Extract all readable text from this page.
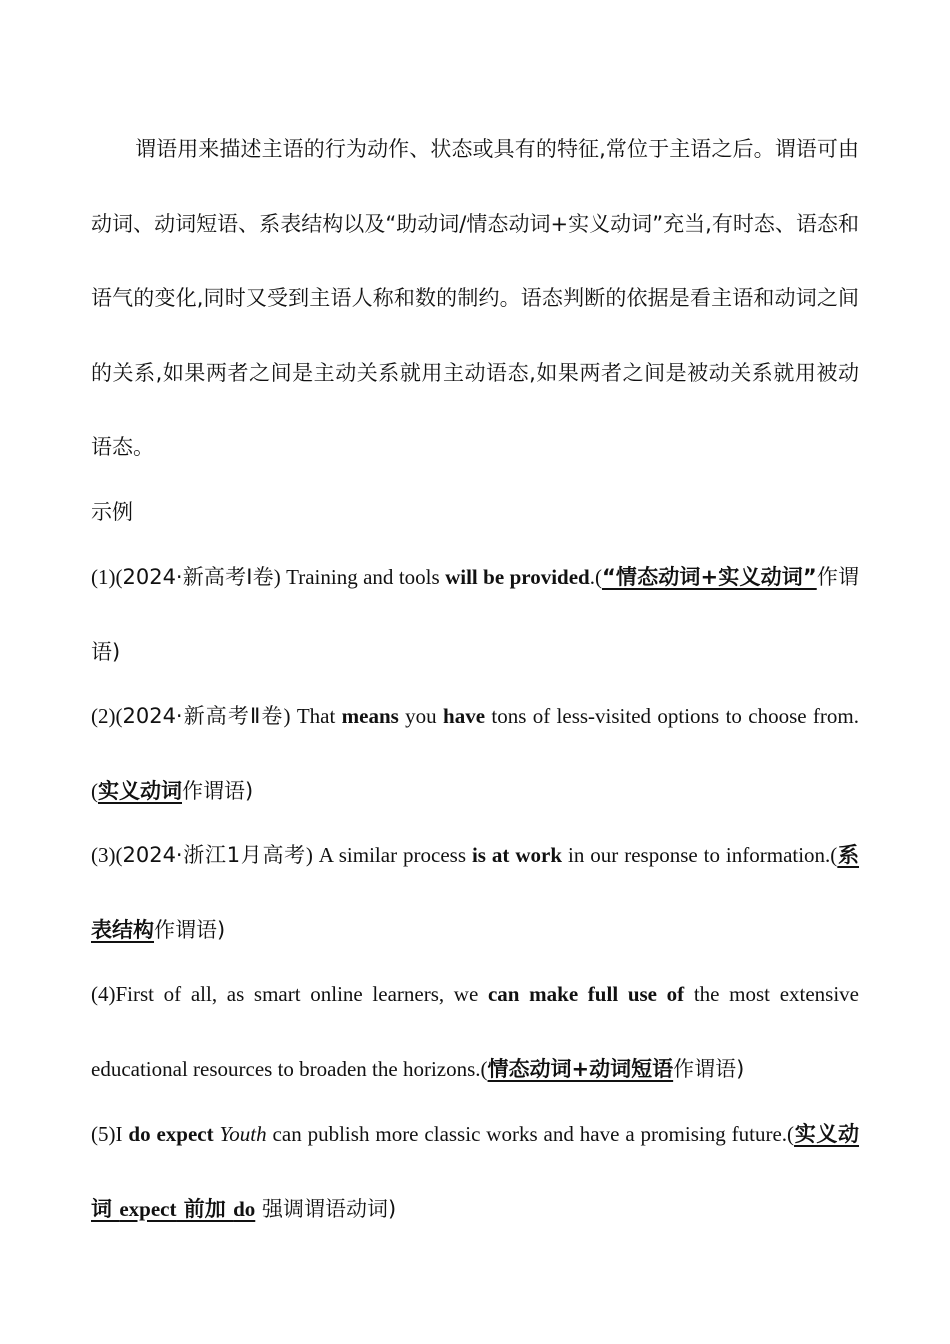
谓语用来描述主语的行为动作、状态或具有的特征,常位于主语之后。谓语可由动词、动词短语、系表结构以及“助动词/情态动词+实义动词”充当,有时态、语态和语气的变化,同时又受到主语人称和数的制约。语态判断的依据是看主语和动词之间的关系,如果两者之间是主动关系就用主动语态,如果两者之间是被动关系就用被动语态。

示例

(1)(2024·新高考Ⅰ卷) Training and tools will be provided.(“情态动词+实义动词”作谓语)

(2)(2024·新高考Ⅱ卷) That means you have tons of less-visited options to choose from.(实义动词作谓语)

(3)(2024·浙江1月高考) A similar process is at work in our response to information.(系表结构作谓语)

(4)First of all, as smart online learners, we can make full use of the most extensive educational resources to broaden the horizons.(情态动词+动词短语作谓语)

(5)I do expect Youth can publish more classic works and have a promising future.(实义动词 expect 前加 do 强调谓语动词)
